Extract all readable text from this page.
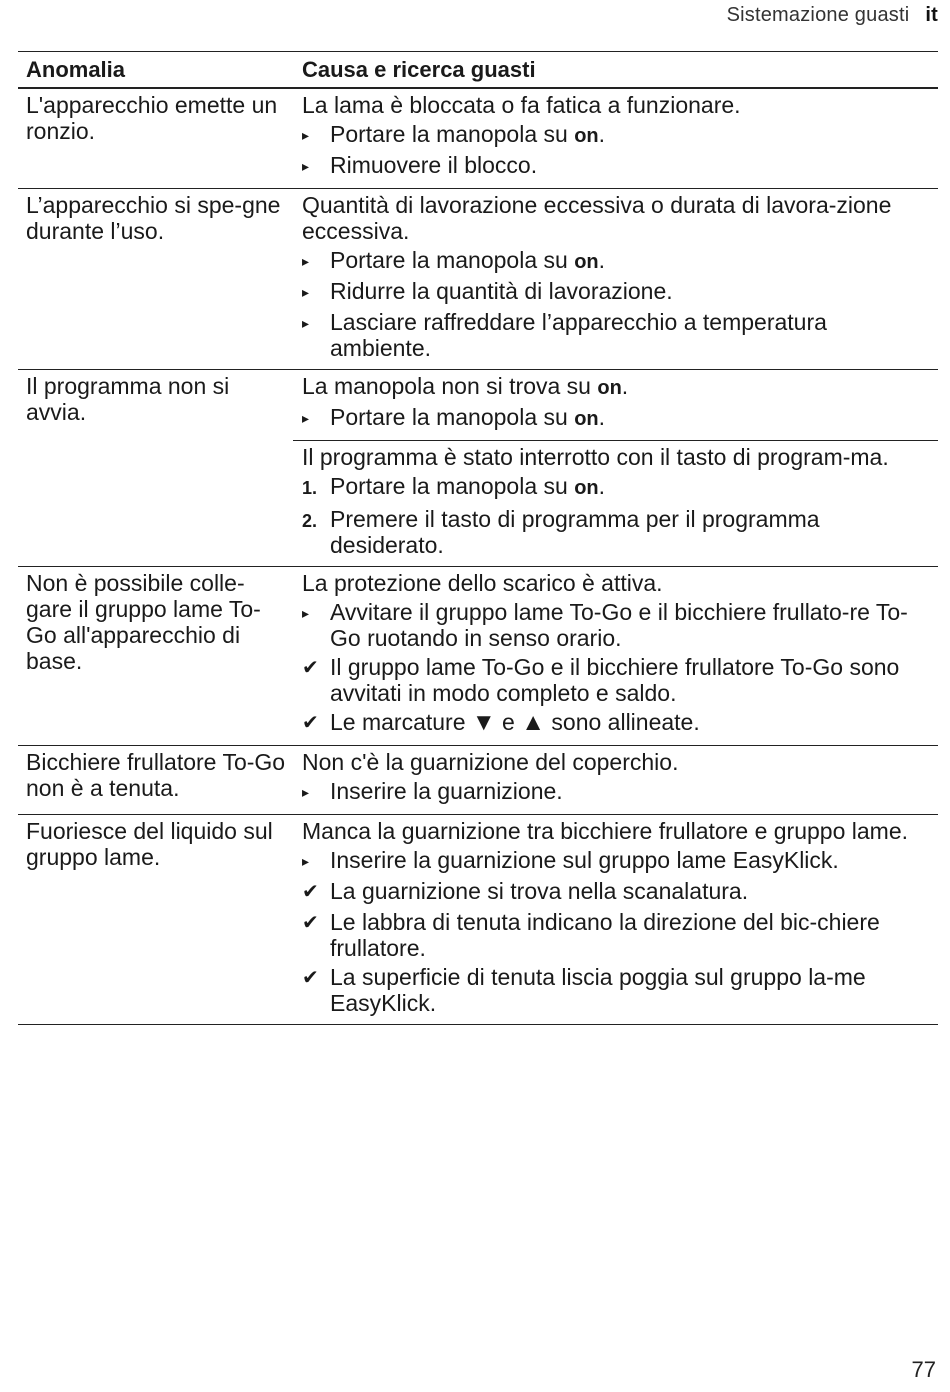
Sistemazione guasti it
Anomalia	Causa e ricerca guasti
L'apparecchio emette un ronzio.

La lama è bloccata o fa fatica a funzionare.

▸ Portare la manopola su on.
▸ Rimuovere il blocco.
L’apparecchio si spe-gne durante l’uso.

Quantità di lavorazione eccessiva o durata di lavora-zione eccessiva.

▸ Portare la manopola su on.
▸ Ridurre la quantità di lavorazione.
▸ Lasciare raffreddare l’apparecchio a temperatura ambiente.
Il programma non si avvia.

La manopola non si trova su on.

▸ Portare la manopola su on.

Il programma è stato interrotto con il tasto di program-ma.

1. Portare la manopola su on.
2. Premere il tasto di programma per il programma desiderato.
Non è possibile colle-gare il gruppo lame To-Go all'apparecchio di base.

La protezione dello scarico è attiva.

▸ Avvitare il gruppo lame To-Go e il bicchiere frullato-re To-Go ruotando in senso orario.
✔ Il gruppo lame To-Go e il bicchiere frullatore To-Go sono avvitati in modo completo e saldo.
✔ Le marcature ▼ e ▲ sono allineate.
Bicchiere frullatore To-Go non è a tenuta.

Non c'è la guarnizione del coperchio.

▸ Inserire la guarnizione.
Fuoriesce del liquido sul gruppo lame.

Manca la guarnizione tra bicchiere frullatore e gruppo lame.

▸ Inserire la guarnizione sul gruppo lame EasyKlick.
✔ La guarnizione si trova nella scanalatura.
✔ Le labbra di tenuta indicano la direzione del bic-chiere frullatore.
✔ La superficie di tenuta liscia poggia sul gruppo la-me EasyKlick.
77
